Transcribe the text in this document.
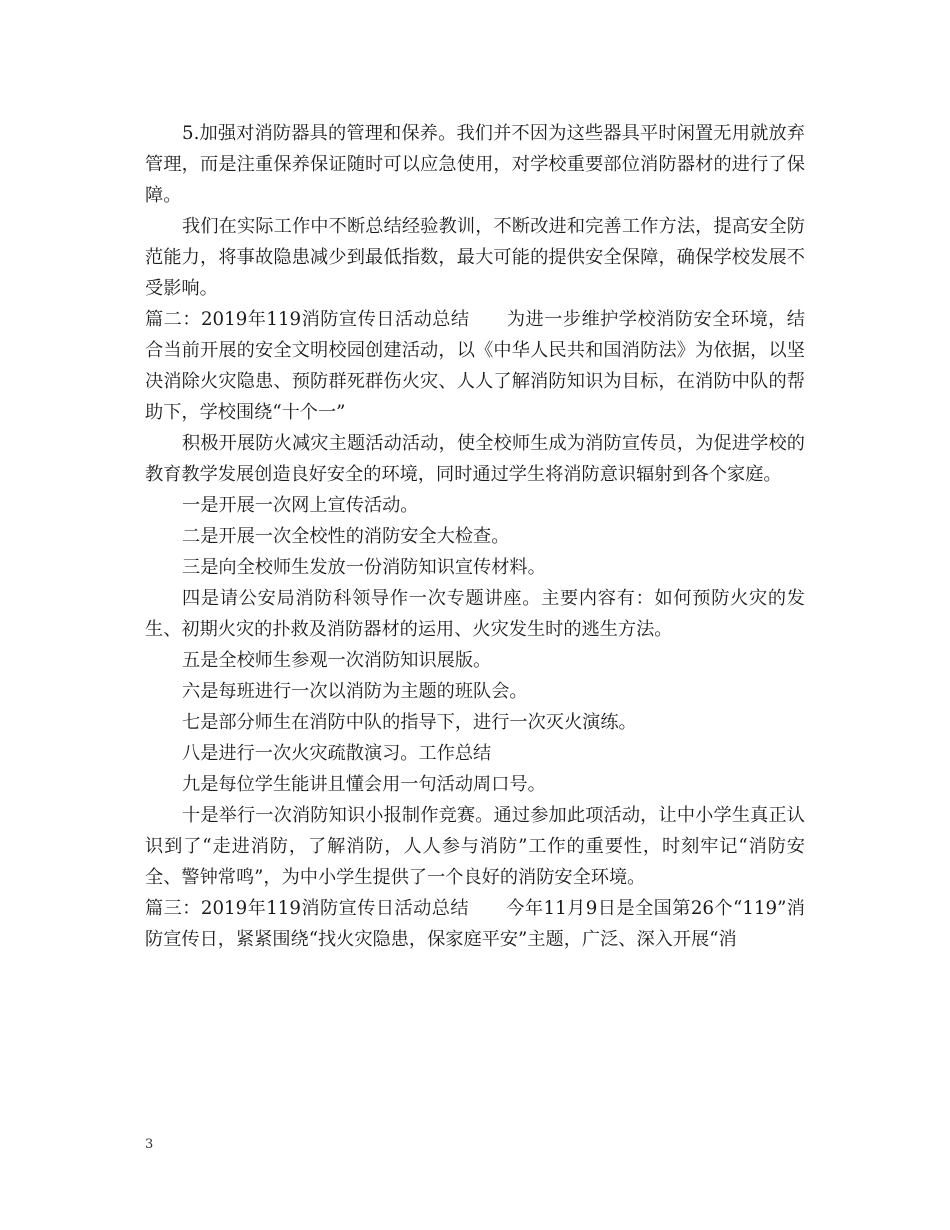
5.加强对消防器具的管理和保养。我们并不因为这些器具平时闲置无用就放弃管理，而是注重保养保证随时可以应急使用，对学校重要部位消防器材的进行了保障。

我们在实际工作中不断总结经验教训，不断改进和完善工作方法，提高安全防范能力，将事故隐患减少到最低指数，最大可能的提供安全保障，确保学校发展不受影响。

篇二：2019年119消防宣传日活动总结　　为进一步维护学校消防安全环境，结合当前开展的安全文明校园创建活动，以《中华人民共和国消防法》为依据，以坚决消除火灾隐患、预防群死群伤火灾、人人了解消防知识为目标，在消防中队的帮助下，学校围绕“十个一”

积极开展防火减灾主题活动活动，使全校师生成为消防宣传员，为促进学校的教育教学发展创造良好安全的环境，同时通过学生将消防意识辐射到各个家庭。

一是开展一次网上宣传活动。

二是开展一次全校性的消防安全大检查。

三是向全校师生发放一份消防知识宣传材料。

四是请公安局消防科领导作一次专题讲座。主要内容有：如何预防火灾的发生、初期火灾的扑救及消防器材的运用、火灾发生时的逃生方法。

五是全校师生参观一次消防知识展版。

六是每班进行一次以消防为主题的班队会。

七是部分师生在消防中队的指导下，进行一次灭火演练。

八是进行一次火灾疏散演习。工作总结

九是每位学生能讲且懂会用一句活动周口号。

十是举行一次消防知识小报制作竞赛。通过参加此项活动，让中小学生真正认识到了“走进消防，了解消防，人人参与消防”工作的重要性，时刻牢记“消防安全、警钟常鸣”，为中小学生提供了一个良好的消防安全环境。

篇三：2019年119消防宣传日活动总结　　今年11月9日是全国第26个“119”消防宣传日，紧紧围绕“找火灾隐患，保家庭平安”主题，广泛、深入开展“消

3
